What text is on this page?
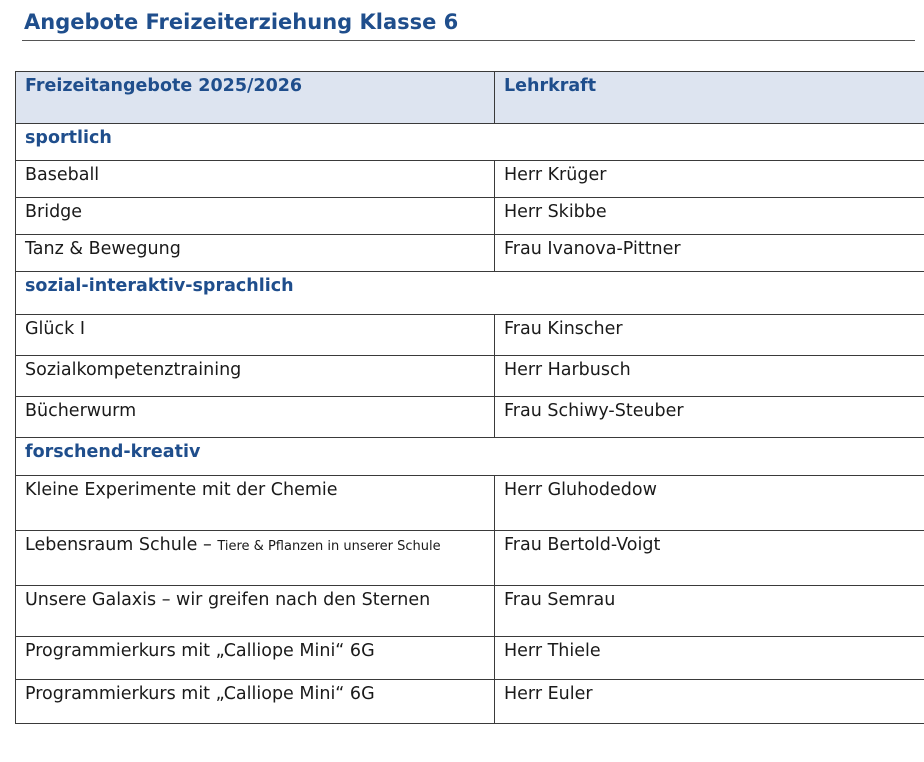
Angebote Freizeiterziehung Klasse 6
Freizeitangebote 2025/2026	Lehrkraft
sportlich	
Baseball	Herr Krüger
Bridge	Herr Skibbe
Tanz & Bewegung	Frau Ivanova-Pittner
sozial-interaktiv-sprachlich	
Glück I	Frau Kinscher
Sozialkompetenztraining	Herr Harbusch
Bücherwurm	Frau Schiwy-Steuber
forschend-kreativ	
Kleine Experimente mit der Chemie	Herr Gluhodedow
Lebensraum Schule – Tiere & Pflanzen in unserer Schule	Frau Bertold-Voigt
Unsere Galaxis – wir greifen nach den Sternen	Frau Semrau
Programmierkurs mit „Calliope Mini“ 6G	Herr Thiele
Programmierkurs mit „Calliope Mini“ 6G	Herr Euler
